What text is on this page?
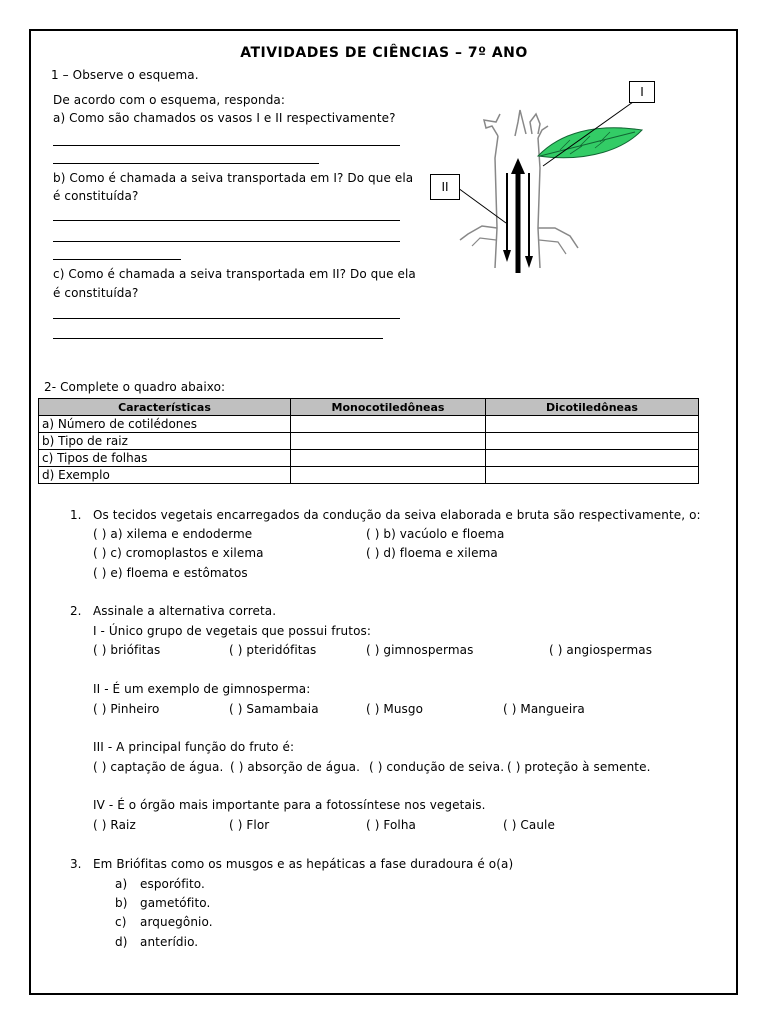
ATIVIDADES DE CIÊNCIAS – 7º ANO
1 – Observe o esquema.
De acordo com o esquema, responda:
a) Como são chamados os vasos I e II respectivamente?
b) Como é chamada a seiva transportada em I? Do que ela
é constituída?
c) Como é chamada a seiva transportada em II? Do que ela
é constituída?
I
II
2- Complete o quadro abaixo:
Características	Monocotiledôneas	Dicotiledôneas
a) Número de cotilédones		
b) Tipo de raiz		
c) Tipos de folhas		
d) Exemplo		
1. Os tecidos vegetais encarregados da condução da seiva elaborada e bruta são respectivamente, o:
( ) a) xilema e endoderme	( ) b) vacúolo e floema
( ) c) cromoplastos e xilema	( ) d) floema e xilema
( ) e) floema e estômatos
2. Assinale a alternativa correta.
I - Único grupo de vegetais que possui frutos:
( ) briófitas	( ) pteridófitas	( ) gimnospermas	( ) angiospermas
II - É um exemplo de gimnosperma:
( ) Pinheiro	( ) Samambaia	( ) Musgo	( ) Mangueira
III - A principal função do fruto é:
( ) captação de água. ( ) absorção de água. ( ) condução de seiva. ( ) proteção à semente.
IV - É o órgão mais importante para a fotossíntese nos vegetais.
( ) Raiz	( ) Flor	( ) Folha	( ) Caule
3. Em Briófitas como os musgos e as hepáticas a fase duradoura é o(a)
a) esporófito.
b) gametófito.
c) arquegônio.
d) anterídio.
